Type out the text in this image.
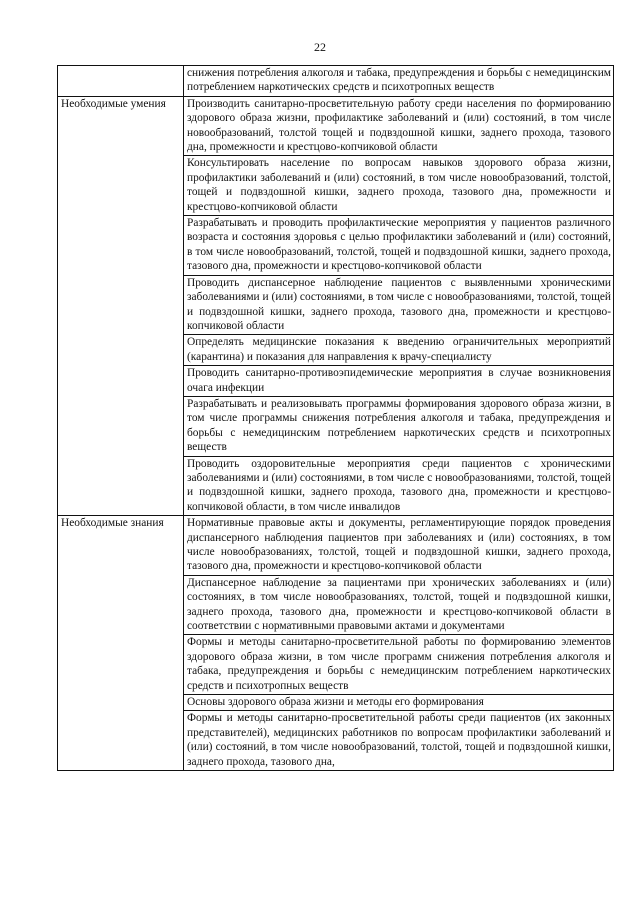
22
	снижения потребления алкоголя и табака, предупреждения и борьбы с немедицинским потреблением наркотических средств и психотропных веществ
Необходимые умения	Производить санитарно-просветительную работу среди населения по формированию здорового образа жизни, профилактике заболеваний и (или) состояний, в том числе новообразований, толстой тощей и подвздошной кишки, заднего прохода, тазового дна, промежности и крестцово-копчиковой области
	Консультировать население по вопросам навыков здорового образа жизни, профилактики заболеваний и (или) состояний, в том числе новообразований, толстой, тощей и подвздошной кишки, заднего прохода, тазового дна, промежности и крестцово-копчиковой области
	Разрабатывать и проводить профилактические мероприятия у пациентов различного возраста и состояния здоровья с целью профилактики заболеваний и (или) состояний, в том числе новообразований, толстой, тощей и подвздошной кишки, заднего прохода, тазового дна, промежности и крестцово-копчиковой области
	Проводить диспансерное наблюдение пациентов с выявленными хроническими заболеваниями и (или) состояниями, в том числе с новообразованиями, толстой, тощей и подвздошной кишки, заднего прохода, тазового дна, промежности и крестцово-копчиковой области
	Определять медицинские показания к введению ограничительных мероприятий (карантина) и показания для направления к врачу-специалисту
	Проводить санитарно-противоэпидемические мероприятия в случае возникновения очага инфекции
	Разрабатывать и реализовывать программы формирования здорового образа жизни, в том числе программы снижения потребления алкоголя и табака, предупреждения и борьбы с немедицинским потреблением наркотических средств и психотропных веществ
	Проводить оздоровительные мероприятия среди пациентов с хроническими заболеваниями и (или) состояниями, в том числе с новообразованиями, толстой, тощей и подвздошной кишки, заднего прохода, тазового дна, промежности и крестцово-копчиковой области, в том числе инвалидов
Необходимые знания	Нормативные правовые акты и документы, регламентирующие порядок проведения диспансерного наблюдения пациентов при заболеваниях и (или) состояниях, в том числе новообразованиях, толстой, тощей и подвздошной кишки, заднего прохода, тазового дна, промежности и крестцово-копчиковой области
	Диспансерное наблюдение за пациентами при хронических заболеваниях и (или) состояниях, в том числе новообразованиях, толстой, тощей и подвздошной кишки, заднего прохода, тазового дна, промежности и крестцово-копчиковой области в соответствии с нормативными правовыми актами и документами
	Формы и методы санитарно-просветительной работы по формированию элементов здорового образа жизни, в том числе программ снижения потребления алкоголя и табака, предупреждения и борьбы с немедицинским потреблением наркотических средств и психотропных веществ
	Основы здорового образа жизни и методы его формирования
	Формы и методы санитарно-просветительной работы среди пациентов (их законных представителей), медицинских работников по вопросам профилактики заболеваний и (или) состояний, в том числе новообразований, толстой, тощей и подвздошной кишки, заднего прохода, тазового дна,
